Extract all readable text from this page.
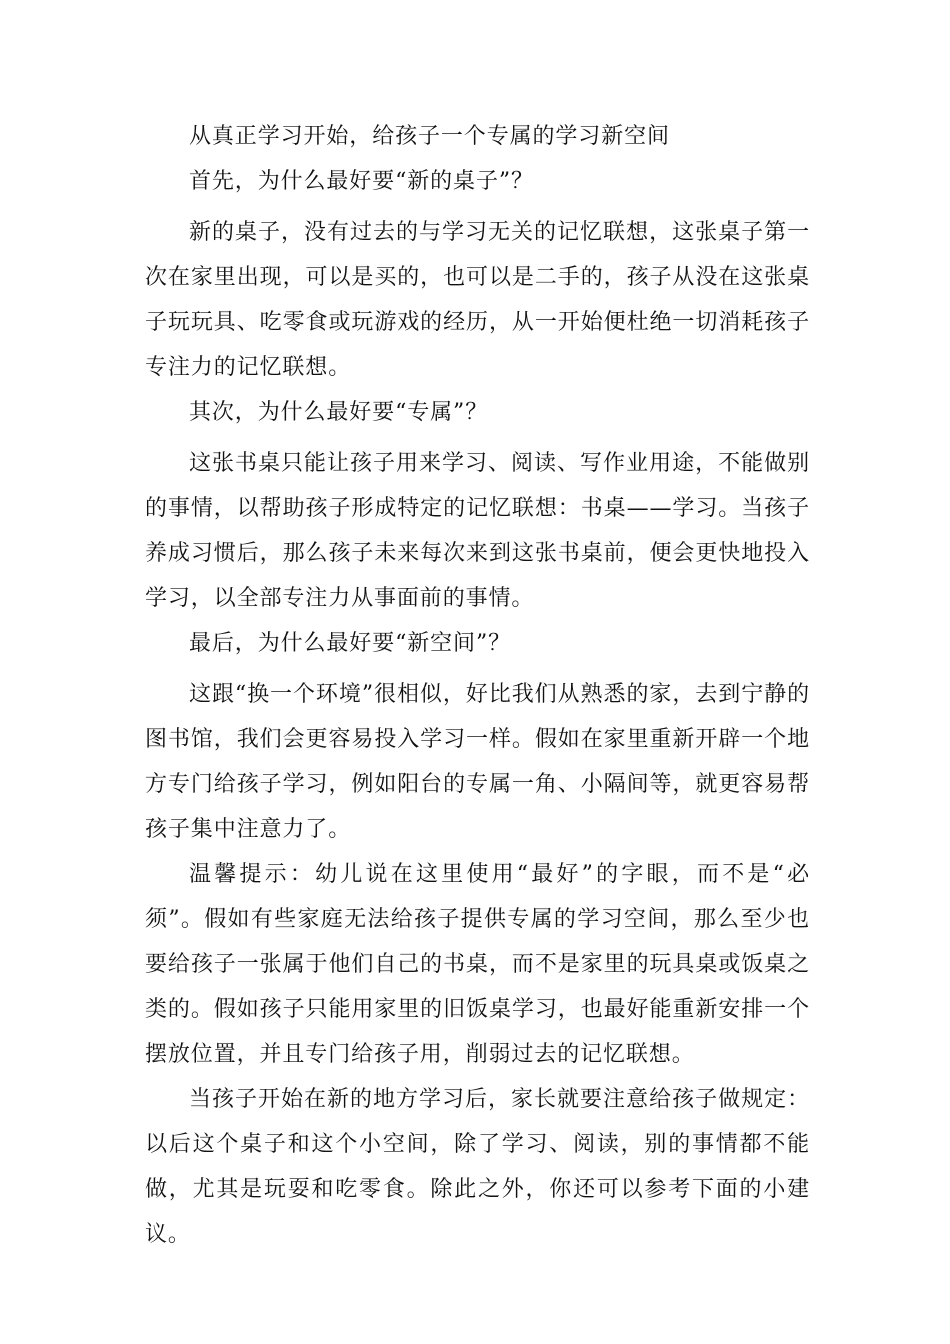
从真正学习开始，给孩子一个专属的学习新空间

首先，为什么最好要“新的桌子”？

新的桌子，没有过去的与学习无关的记忆联想，这张桌子第一次在家里出现，可以是买的，也可以是二手的，孩子从没在这张桌子玩玩具、吃零食或玩游戏的经历，从一开始便杜绝一切消耗孩子专注力的记忆联想。

其次，为什么最好要“专属”？

这张书桌只能让孩子用来学习、阅读、写作业用途，不能做别的事情，以帮助孩子形成特定的记忆联想：书桌——学习。当孩子养成习惯后，那么孩子未来每次来到这张书桌前，便会更快地投入学习，以全部专注力从事面前的事情。

最后，为什么最好要“新空间”？

这跟“换一个环境”很相似，好比我们从熟悉的家，去到宁静的图书馆，我们会更容易投入学习一样。假如在家里重新开辟一个地方专门给孩子学习，例如阳台的专属一角、小隔间等，就更容易帮孩子集中注意力了。

温馨提示：幼儿说在这里使用“最好”的字眼，而不是“必须”。假如有些家庭无法给孩子提供专属的学习空间，那么至少也要给孩子一张属于他们自己的书桌，而不是家里的玩具桌或饭桌之类的。假如孩子只能用家里的旧饭桌学习，也最好能重新安排一个摆放位置，并且专门给孩子用，削弱过去的记忆联想。

当孩子开始在新的地方学习后，家长就要注意给孩子做规定：以后这个桌子和这个小空间，除了学习、阅读，别的事情都不能做，尤其是玩耍和吃零食。除此之外，你还可以参考下面的小建议。
